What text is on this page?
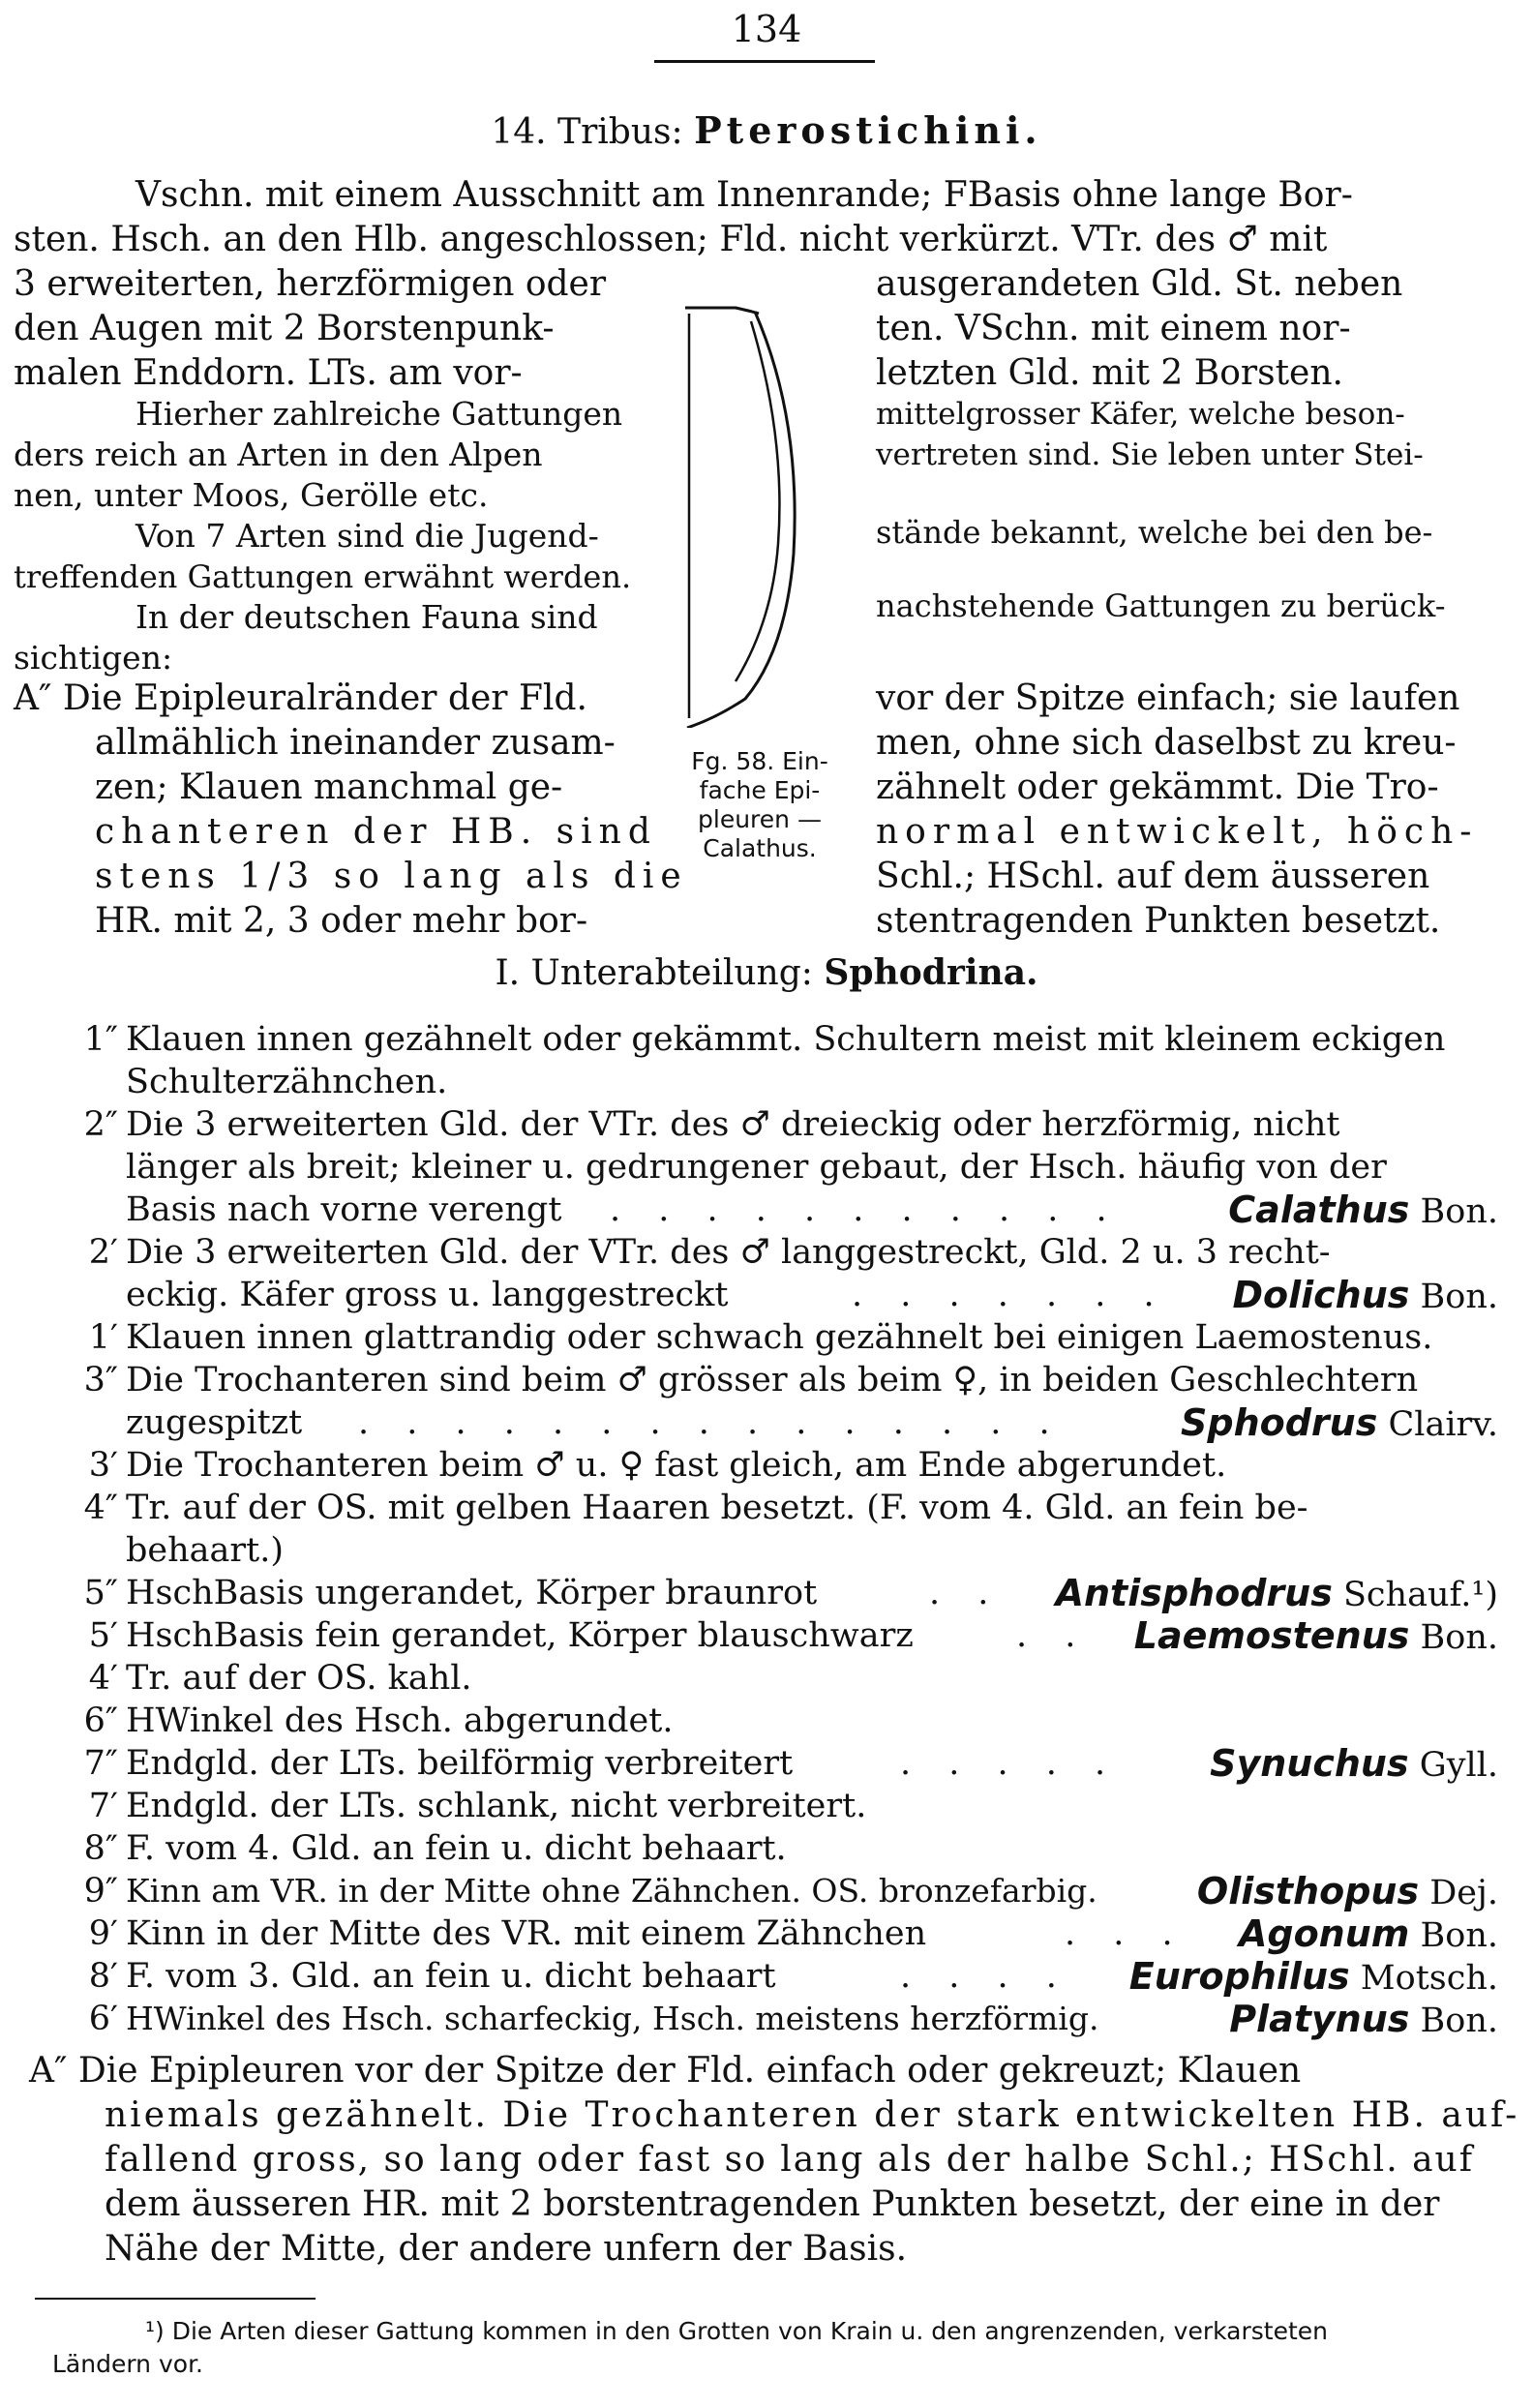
134
14. Tribus: Pterostichini.
Vschn. mit einem Ausschnitt am Innenrande; FBasis ohne lange Bor-
sten. Hsch. an den Hlb. angeschlossen; Fld. nicht verkürzt. VTr. des ♂ mit
3 erweiterten, herzförmigen oder
den Augen mit 2 Borstenpunk-
malen Enddorn. LTs. am vor-
Hierher zahlreiche Gattungen
ders reich an Arten in den Alpen
nen, unter Moos, Gerölle etc.
Von 7 Arten sind die Jugend-
treffenden Gattungen erwähnt werden.
In der deutschen Fauna sind
sichtigen:
A″ Die Epipleuralränder der Fld.
allmählich ineinander zusam-
zen; Klauen manchmal ge-
chanteren der HB. sind
stens 1/3 so lang als die
HR. mit 2, 3 oder mehr bor-
Fg. 58. Ein-
fache Epi-
pleuren —
Calathus.
ausgerandeten Gld. St. neben
ten. VSchn. mit einem nor-
letzten Gld. mit 2 Borsten.
mittelgrosser Käfer, welche beson-
vertreten sind. Sie leben unter Stei-
stände bekannt, welche bei den be-
nachstehende Gattungen zu berück-
vor der Spitze einfach; sie laufen
men, ohne sich daselbst zu kreu-
zähnelt oder gekämmt. Die Tro-
normal entwickelt, höch-
Schl.; HSchl. auf dem äusseren
stentragenden Punkten besetzt.
I. Unterabteilung: Sphodrina.
1″ Klauen innen gezähnelt oder gekämmt. Schultern meist mit kleinem eckigen
Schulterzähnchen.
2″ Die 3 erweiterten Gld. der VTr. des ♂ dreieckig oder herzförmig, nicht
länger als breit; kleiner u. gedrungener gebaut, der Hsch. häufig von der
Basis nach vorne verengt . . . . . . . . . . .	Calathus Bon.
2′ Die 3 erweiterten Gld. der VTr. des ♂ langgestreckt, Gld. 2 u. 3 recht-
eckig. Käfer gross u. langgestreckt	. . . . . . . Dolichus Bon.
1′ Klauen innen glattrandig oder schwach gezähnelt bei einigen Laemostenus.
3″ Die Trochanteren sind beim ♂ grösser als beim ♀, in beiden Geschlechtern
zugespitzt . . . . . . . . . . . . . . .	Sphodrus Clairv.
3′ Die Trochanteren beim ♂ u. ♀ fast gleich, am Ende abgerundet.
4″ Tr. auf der OS. mit gelben Haaren besetzt. (F. vom 4. Gld. an fein be-
behaart.)
5″ HschBasis ungerandet, Körper braunrot	. . Antisphodrus Schauf.¹)
5′ HschBasis fein gerandet, Körper blauschwarz	. . Laemostenus Bon.
4′ Tr. auf der OS. kahl.
6″ HWinkel des Hsch. abgerundet.
7″ Endgld. der LTs. beilförmig verbreitert	. . . . . Synuchus Gyll.
7′ Endgld. der LTs. schlank, nicht verbreitert.
8″ F. vom 4. Gld. an fein u. dicht behaart.
9″ Kinn am VR. in der Mitte ohne Zähnchen. OS. bronzefarbig.	Olisthopus Dej.
9′ Kinn in der Mitte des VR. mit einem Zähnchen	. . . Agonum Bon.
8′ F. vom 3. Gld. an fein u. dicht behaart	. . . . Europhilus Motsch.
6′ HWinkel des Hsch. scharfeckig, Hsch. meistens herzförmig.	Platynus Bon.
A″ Die Epipleuren vor der Spitze der Fld. einfach oder gekreuzt; Klauen
niemals gezähnelt. Die Trochanteren der stark entwickelten HB. auf-
fallend gross, so lang oder fast so lang als der halbe Schl.; HSchl. auf
dem äusseren HR. mit 2 borstentragenden Punkten besetzt, der eine in der
Nähe der Mitte, der andere unfern der Basis.
¹) Die Arten dieser Gattung kommen in den Grotten von Krain u. den angrenzenden, verkarsteten
Ländern vor.
